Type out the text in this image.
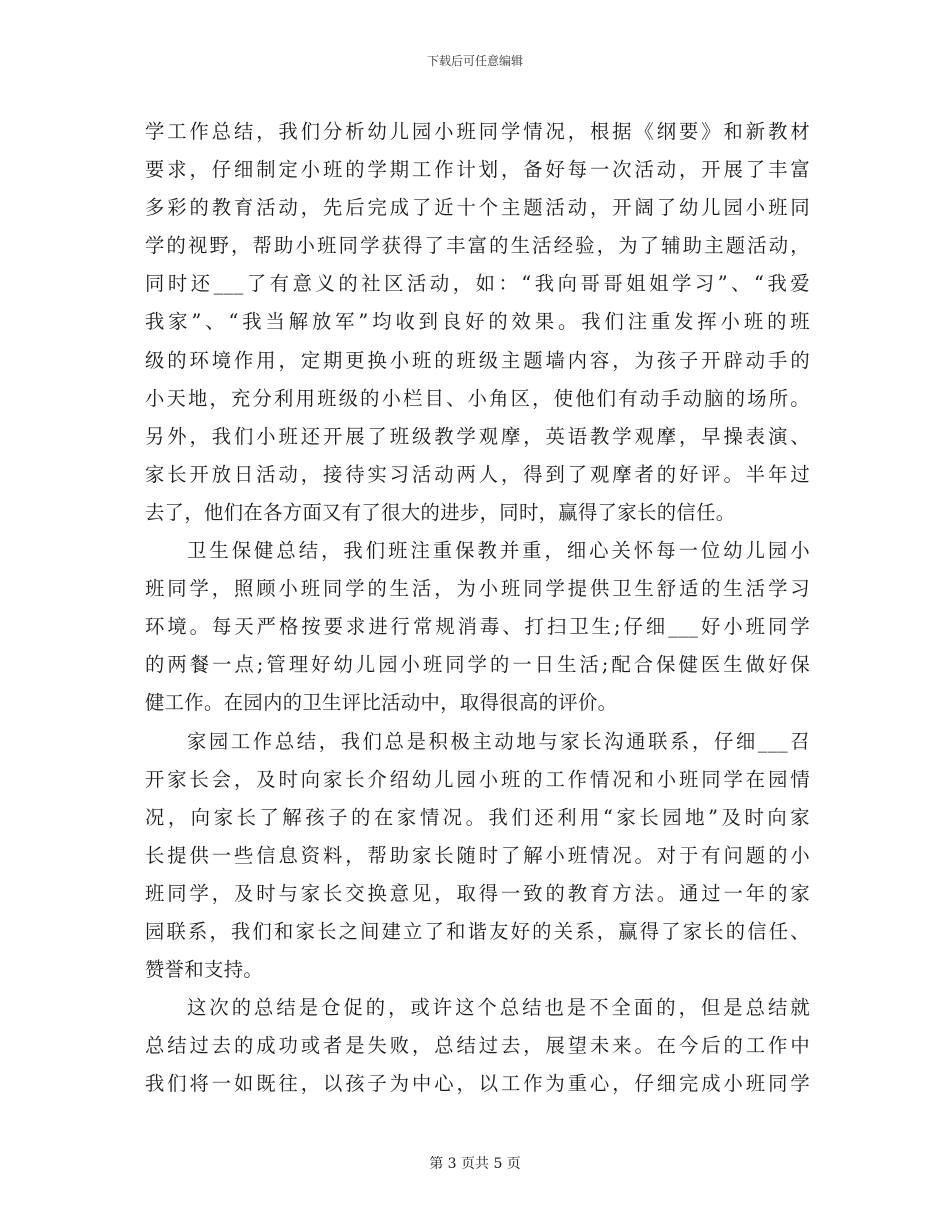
下载后可任意编辑
学工作总结，我们分析幼儿园小班同学情况，根据《纲要》和新教材
要求，仔细制定小班的学期工作计划，备好每一次活动，开展了丰富
多彩的教育活动，先后完成了近十个主题活动，开阔了幼儿园小班同
学的视野，帮助小班同学获得了丰富的生活经验，为了辅助主题活动，
同时还___了有意义的社区活动，如：“我向哥哥姐姐学习”、“我爱
我家”、“我当解放军”均收到良好的效果。我们注重发挥小班的班
级的环境作用，定期更换小班的班级主题墙内容，为孩子开辟动手的
小天地，充分利用班级的小栏目、小角区，使他们有动手动脑的场所。
另外，我们小班还开展了班级教学观摩，英语教学观摩，早操表演、
家长开放日活动，接待实习活动两人，得到了观摩者的好评。半年过
去了，他们在各方面又有了很大的进步，同时，赢得了家长的信任。
卫生保健总结，我们班注重保教并重，细心关怀每一位幼儿园小
班同学，照顾小班同学的生活，为小班同学提供卫生舒适的生活学习
环境。每天严格按要求进行常规消毒、打扫卫生;仔细___好小班同学
的两餐一点;管理好幼儿园小班同学的一日生活;配合保健医生做好保
健工作。在园内的卫生评比活动中，取得很高的评价。
家园工作总结，我们总是积极主动地与家长沟通联系，仔细___召
开家长会，及时向家长介绍幼儿园小班的工作情况和小班同学在园情
况，向家长了解孩子的在家情况。我们还利用“家长园地”及时向家
长提供一些信息资料，帮助家长随时了解小班情况。对于有问题的小
班同学，及时与家长交换意见，取得一致的教育方法。通过一年的家
园联系，我们和家长之间建立了和谐友好的关系，赢得了家长的信任、
赞誉和支持。
这次的总结是仓促的，或许这个总结也是不全面的，但是总结就
总结过去的成功或者是失败，总结过去，展望未来。在今后的工作中
我们将一如既往，以孩子为中心，以工作为重心，仔细完成小班同学
第 3 页共 5 页
